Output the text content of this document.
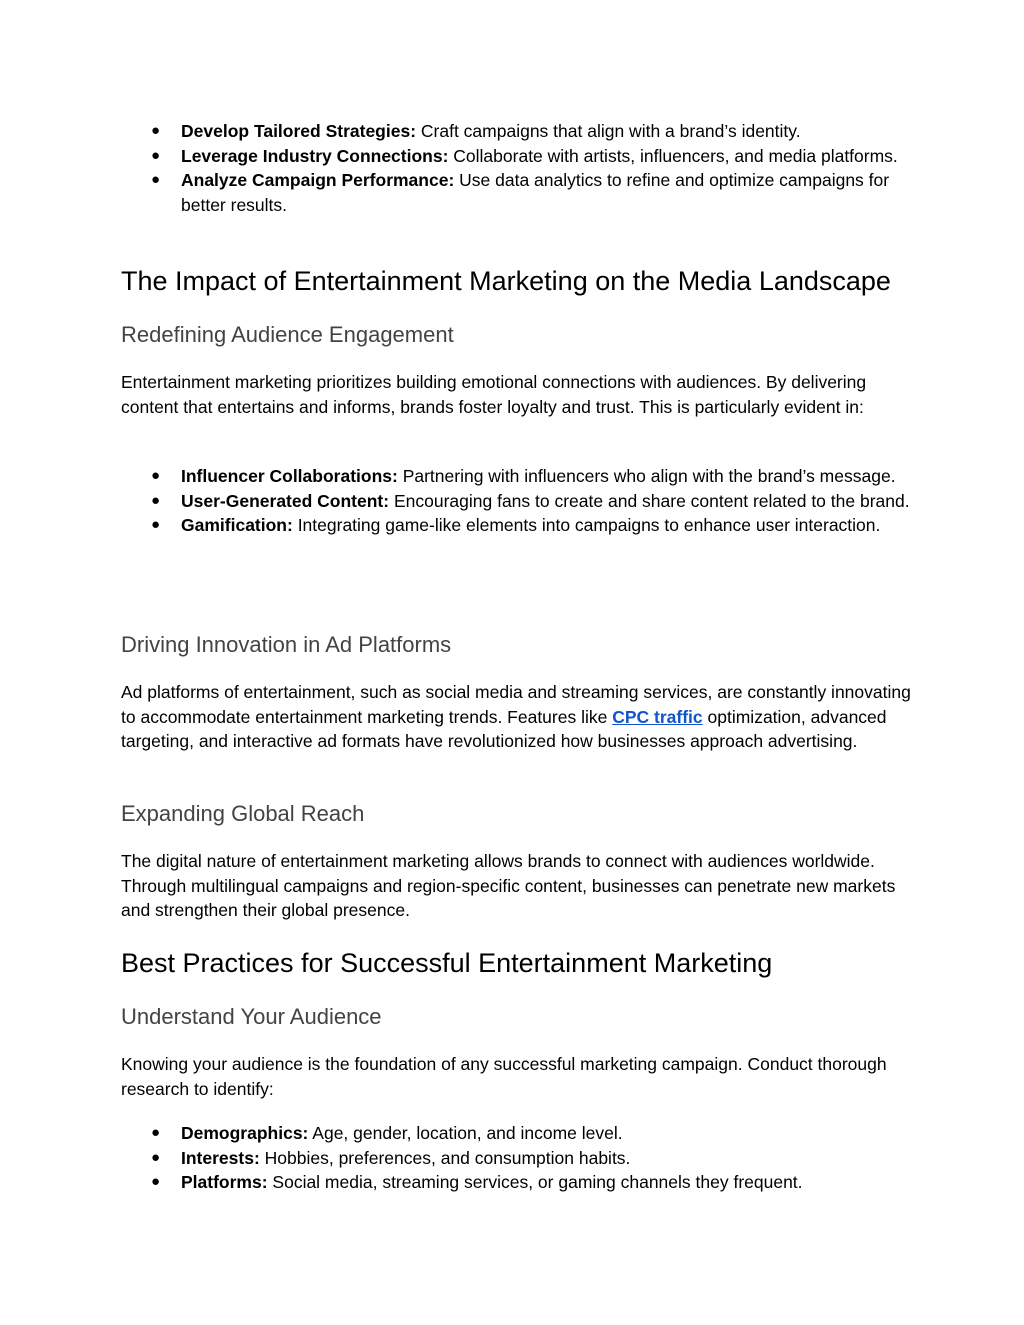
● Develop Tailored Strategies: Craft campaigns that align with a brand’s identity.
● Leverage Industry Connections: Collaborate with artists, influencers, and media platforms.
● Analyze Campaign Performance: Use data analytics to refine and optimize campaigns for better results.
The Impact of Entertainment Marketing on the Media Landscape
Redefining Audience Engagement

Entertainment marketing prioritizes building emotional connections with audiences. By delivering content that entertains and informs, brands foster loyalty and trust. This is particularly evident in:

● Influencer Collaborations: Partnering with influencers who align with the brand’s message.
● User-Generated Content: Encouraging fans to create and share content related to the brand.
● Gamification: Integrating game-like elements into campaigns to enhance user interaction.
Driving Innovation in Ad Platforms

Ad platforms of entertainment, such as social media and streaming services, are constantly innovating to accommodate entertainment marketing trends. Features like CPC traffic optimization, advanced targeting, and interactive ad formats have revolutionized how businesses approach advertising.

Expanding Global Reach

The digital nature of entertainment marketing allows brands to connect with audiences worldwide. Through multilingual campaigns and region-specific content, businesses can penetrate new markets and strengthen their global presence.

Best Practices for Successful Entertainment Marketing
Understand Your Audience

Knowing your audience is the foundation of any successful marketing campaign. Conduct thorough research to identify:

● Demographics: Age, gender, location, and income level.
● Interests: Hobbies, preferences, and consumption habits.
● Platforms: Social media, streaming services, or gaming channels they frequent.
